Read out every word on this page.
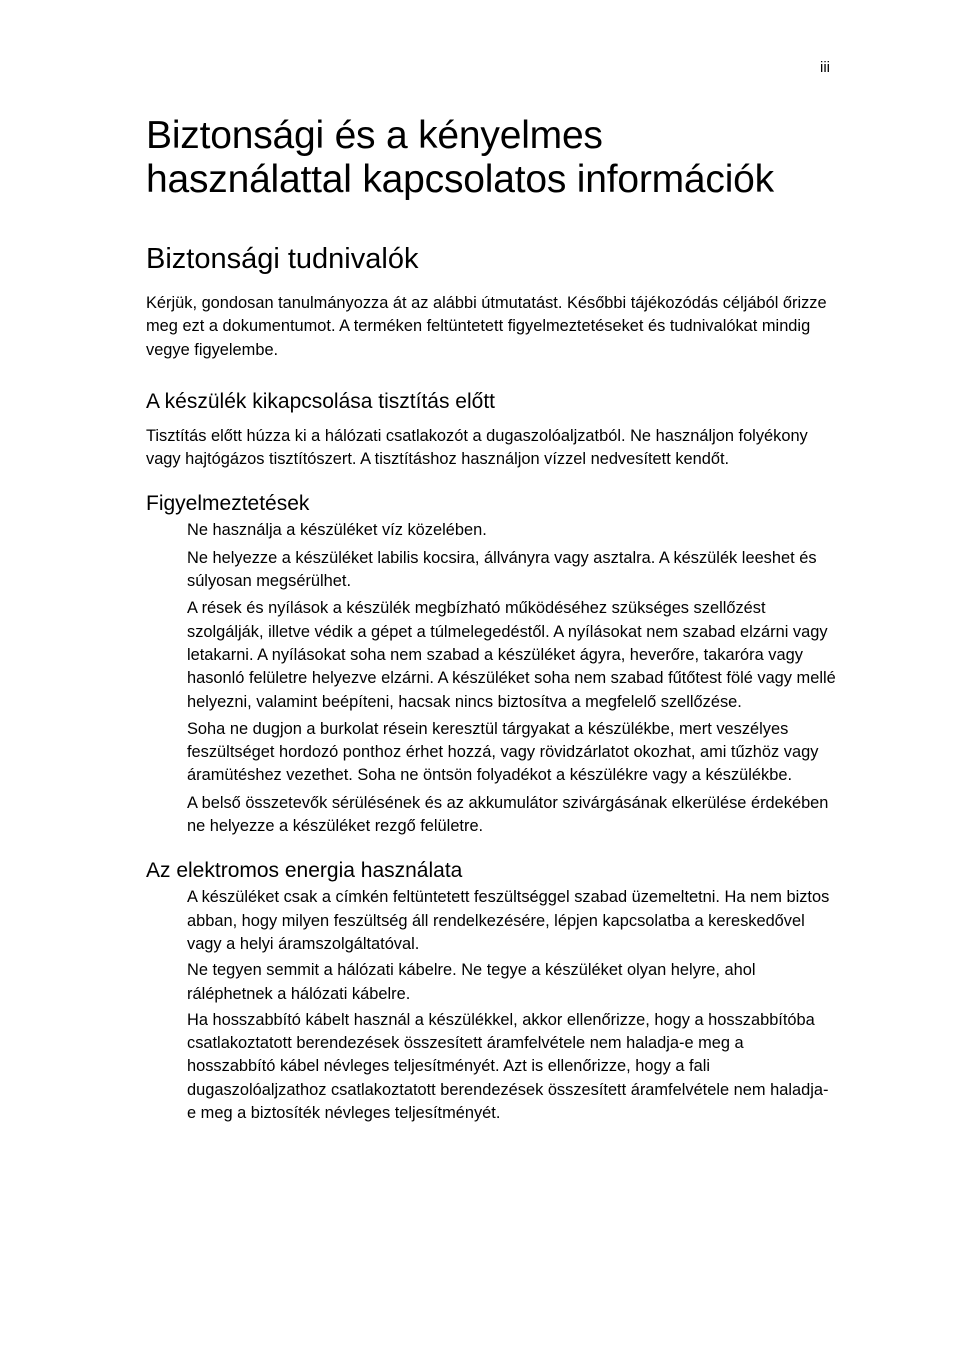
iii
Biztonsági és a kényelmes
használattal kapcsolatos információk
Biztonsági tudnivalók

Kérjük, gondosan tanulmányozza át az alábbi útmutatást. Későbbi tájékozódás céljából őrizze meg ezt a dokumentumot. A terméken feltüntetett figyelmeztetéseket és tudnivalókat mindig vegye figyelembe.

A készülék kikapcsolása tisztítás előtt

Tisztítás előtt húzza ki a hálózati csatlakozót a dugaszolóaljzatból. Ne használjon folyékony vagy hajtógázos tisztítószert. A tisztításhoz használjon vízzel nedvesített kendőt.

Figyelmeztetések
Ne használja a készüléket víz közelében.
Ne helyezze a készüléket labilis kocsira, állványra vagy asztalra. A készülék leeshet és súlyosan megsérülhet.
A rések és nyílások a készülék megbízható működéséhez szükséges szellőzést szolgálják, illetve védik a gépet a túlmelegedéstől. A nyílásokat nem szabad elzárni vagy letakarni. A nyílásokat soha nem szabad a készüléket ágyra, heverőre, takaróra vagy hasonló felületre helyezve elzárni. A készüléket soha nem szabad fűtőtest fölé vagy mellé helyezni, valamint beépíteni, hacsak nincs biztosítva a megfelelő szellőzése.
Soha ne dugjon a burkolat résein keresztül tárgyakat a készülékbe, mert veszélyes feszültséget hordozó ponthoz érhet hozzá, vagy rövidzárlatot okozhat, ami tűzhöz vagy áramütéshez vezethet. Soha ne öntsön folyadékot a készülékre vagy a készülékbe.
A belső összetevők sérülésének és az akkumulátor szivárgásának elkerülése érdekében ne helyezze a készüléket rezgő felületre.
Az elektromos energia használata
A készüléket csak a címkén feltüntetett feszültséggel szabad üzemeltetni. Ha nem biztos abban, hogy milyen feszültség áll rendelkezésére, lépjen kapcsolatba a kereskedővel vagy a helyi áramszolgáltatóval.
Ne tegyen semmit a hálózati kábelre. Ne tegye a készüléket olyan helyre, ahol ráléphetnek a hálózati kábelre.
Ha hosszabbító kábelt használ a készülékkel, akkor ellenőrizze, hogy a hosszabbítóba csatlakoztatott berendezések összesített áramfelvétele nem haladja-e meg a hosszabbító kábel névleges teljesítményét. Azt is ellenőrizze, hogy a fali dugaszolóaljzathoz csatlakoztatott berendezések összesített áramfelvétele nem haladja-e meg a biztosíték névleges teljesítményét.
